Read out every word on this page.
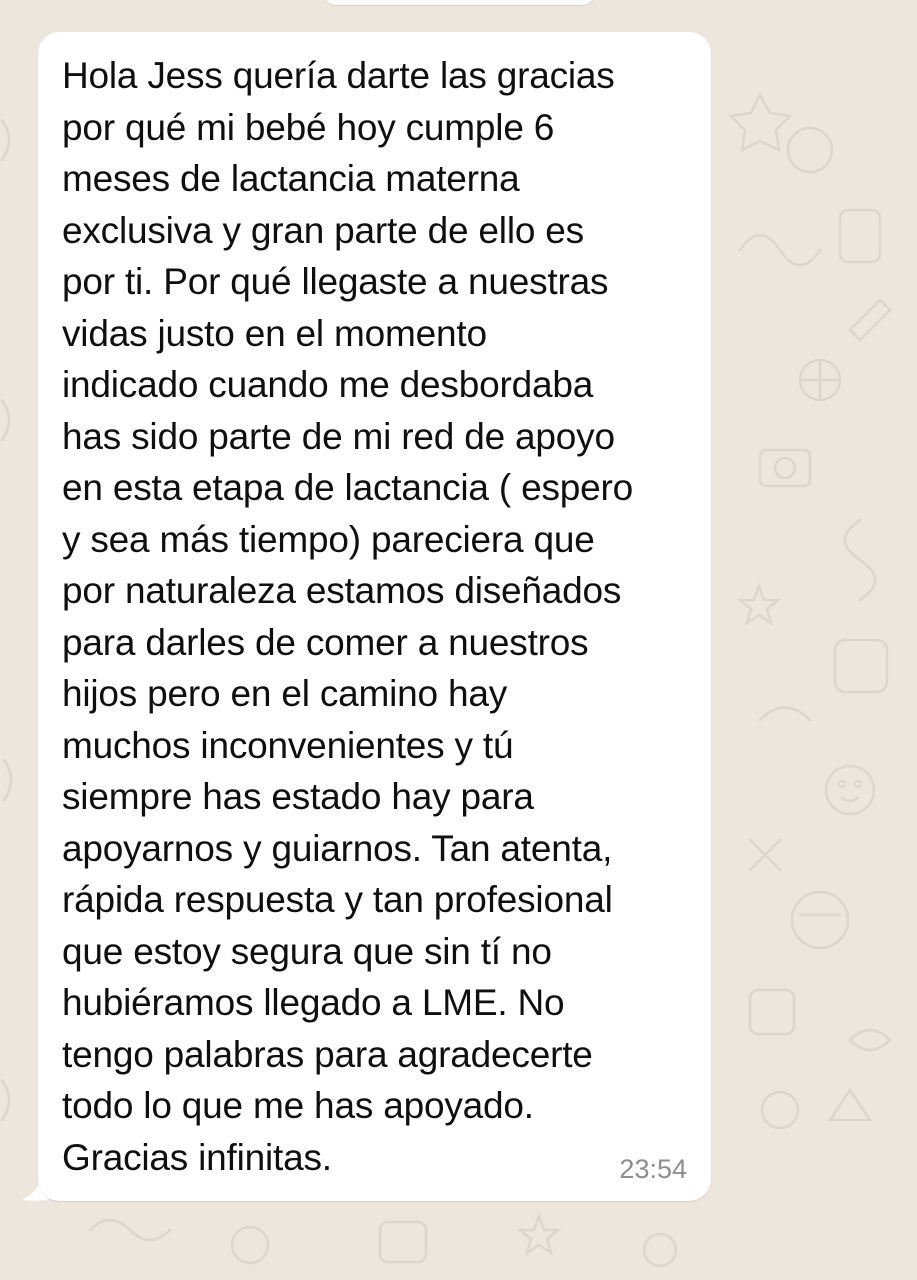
Hola Jess quería darte las gracias
por qué mi bebé hoy cumple 6
meses de lactancia materna
exclusiva y gran parte de ello es
por ti. Por qué llegaste a nuestras
vidas justo en el momento
indicado cuando me desbordaba
has sido parte de mi red de apoyo
en esta etapa de lactancia ( espero
y sea más tiempo) pareciera que
por naturaleza estamos diseñados
para darles de comer a nuestros
hijos pero en el camino hay
muchos inconvenientes y tú
siempre has estado hay para
apoyarnos y guiarnos. Tan atenta,
rápida respuesta y tan profesional
que estoy segura que sin tí no
hubiéramos llegado a LME. No
tengo palabras para agradecerte
todo lo que me has apoyado.
Gracias infinitas.	23:54
